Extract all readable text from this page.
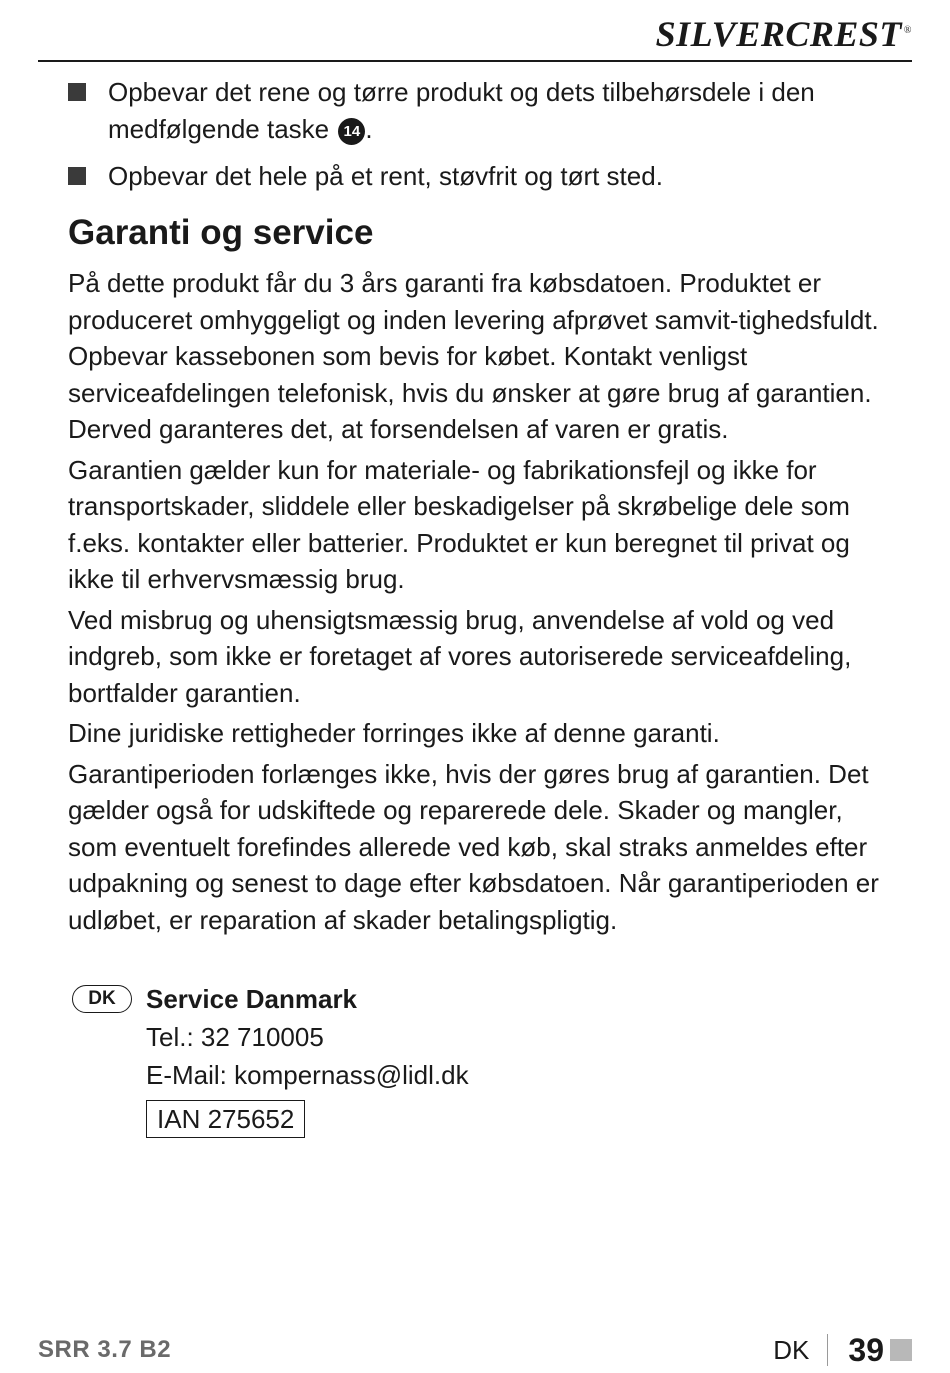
SILVERCREST ®
Opbevar det rene og tørre produkt og dets tilbehørsdele i den medfølgende taske 14 .
Opbevar det hele på et rent, støvfrit og tørt sted.
Garanti og service

På dette produkt får du 3 års garanti fra købsdatoen. Produktet er produceret omhyggeligt og inden levering afprøvet samvit-tighedsfuldt. Opbevar kassebonen som bevis for købet. Kontakt venligst serviceafdelingen telefonisk, hvis du ønsker at gøre brug af garantien. Derved garanteres det, at forsendelsen af varen er gratis.

Garantien gælder kun for materiale- og fabrikationsfejl og ikke for transportskader, sliddele eller beskadigelser på skrøbelige dele som f.eks. kontakter eller batterier. Produktet er kun beregnet til privat og ikke til erhvervsmæssig brug.

Ved misbrug og uhensigtsmæssig brug, anvendelse af vold og ved indgreb, som ikke er foretaget af vores autoriserede serviceafdeling, bortfalder garantien.

Dine juridiske rettigheder forringes ikke af denne garanti.

Garantiperioden forlænges ikke, hvis der gøres brug af garantien. Det gælder også for udskiftede og reparerede dele. Skader og mangler, som eventuelt forefindes allerede ved køb, skal straks anmeldes efter udpakning og senest to dage efter købsdatoen. Når garantiperioden er udløbet, er reparation af skader betalingspligtig.

DK	Service Danmark
Tel.: 32 710005
E-Mail: kompernass@lidl.dk
IAN 275652
SRR 3.7 B2	DK 39
